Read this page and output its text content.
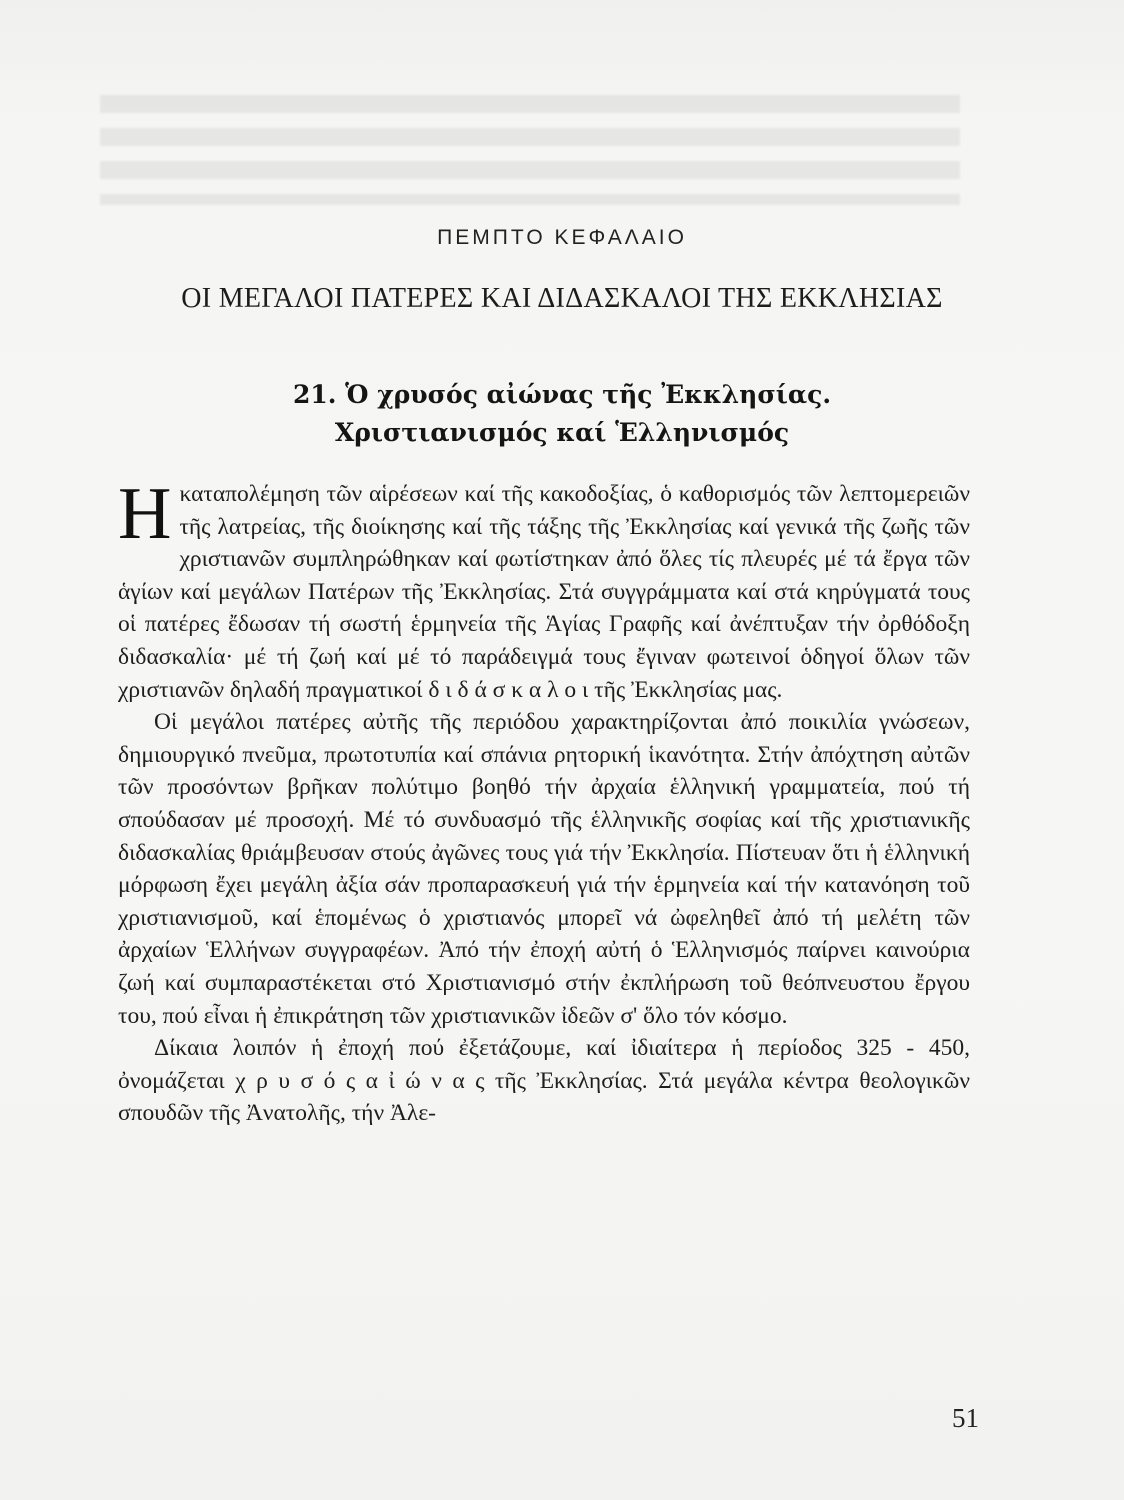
ΠΕΜΠΤΟ ΚΕΦΑΛΑΙΟ
ΟΙ ΜΕΓΑΛΟΙ ΠΑΤΕΡΕΣ ΚΑΙ ΔΙΔΑΣΚΑΛΟΙ ΤΗΣ ΕΚΚΛΗΣΙΑΣ
21. Ὁ χρυσός αἰώνας τῆς Ἐκκλησίας.
Χριστιανισμός καί Ἑλληνισμός

Ηκαταπολέμηση τῶν αἱρέσεων καί τῆς κακοδοξίας, ὁ καθορισμός τῶν λεπτομερειῶν τῆς λατρείας, τῆς διοίκησης καί τῆς τάξης τῆς Ἐκκλησίας καί γενικά τῆς ζωῆς τῶν χριστιανῶν συμπληρώθηκαν καί φωτίστηκαν ἀπό ὅλες τίς πλευρές μέ τά ἔργα τῶν ἁγίων καί μεγάλων Πατέρων τῆς Ἐκκλησίας. Στά συγγράμματα καί στά κηρύγματά τους οἱ πατέρες ἔδωσαν τή σωστή ἑρμηνεία τῆς Ἁγίας Γραφῆς καί ἀνέπτυξαν τήν ὀρθόδοξη διδασκαλία· μέ τή ζωή καί μέ τό παράδειγμά τους ἔγιναν φωτεινοί ὁδηγοί ὅλων τῶν χριστιανῶν δηλαδή πραγματικοί δ ι δ ά σ κ α λ ο ι τῆς Ἐκκλησίας μας.

Οἱ μεγάλοι πατέρες αὐτῆς τῆς περιόδου χαρακτηρίζονται ἀπό ποικιλία γνώσεων, δημιουργικό πνεῦμα, πρωτοτυπία καί σπάνια ρητορική ἱκανότητα. Στήν ἀπόχτηση αὐτῶν τῶν προσόντων βρῆκαν πολύτιμο βοηθό τήν ἀρχαία ἑλληνική γραμματεία, πού τή σπούδασαν μέ προσοχή. Μέ τό συνδυασμό τῆς ἑλληνικῆς σοφίας καί τῆς χριστιανικῆς διδασκαλίας θριάμβευσαν στούς ἀγῶνες τους γιά τήν Ἐκκλησία. Πίστευαν ὅτι ἡ ἑλληνική μόρφωση ἔχει μεγάλη ἀξία σάν προπαρασκευή γιά τήν ἑρμηνεία καί τήν κατανόηση τοῦ χριστιανισμοῦ, καί ἑπομένως ὁ χριστιανός μπορεῖ νά ὠφεληθεῖ ἀπό τή μελέτη τῶν ἀρχαίων Ἑλλήνων συγγραφέων. Ἀπό τήν ἐποχή αὐτή ὁ Ἑλληνισμός παίρνει καινούρια ζωή καί συμπαραστέκεται στό Χριστιανισμό στήν ἐκπλήρωση τοῦ θεόπνευστου ἔργου του, πού εἶναι ἡ ἐπικράτηση τῶν χριστιανικῶν ἰδεῶν σ' ὅλο τόν κόσμο.

Δίκαια λοιπόν ἡ ἐποχή πού ἐξετάζουμε, καί ἰδιαίτερα ἡ περίοδος 325 - 450, ὀνομάζεται χ ρ υ σ ό ς α ἰ ώ ν α ς τῆς Ἐκκλησίας. Στά μεγάλα κέντρα θεολογικῶν σπουδῶν τῆς Ἀνατολῆς, τήν Ἀλε-

51
